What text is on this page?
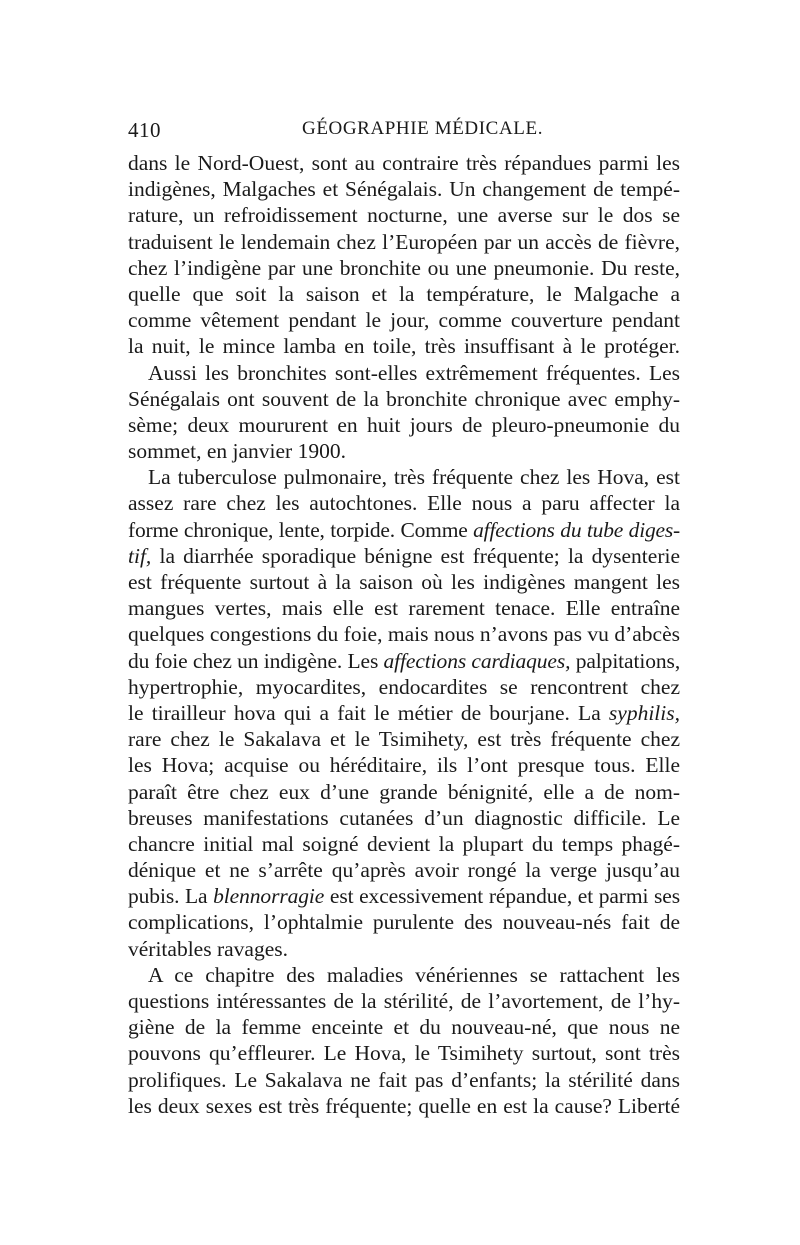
410	GÉOGRAPHIE MÉDICALE.
dans le Nord-Ouest, sont au contraire très répandues parmi les
indigènes, Malgaches et Sénégalais. Un changement de tempé-
rature, un refroidissement nocturne, une averse sur le dos se
traduisent le lendemain chez l’Européen par un accès de fièvre,
chez l’indigène par une bronchite ou une pneumonie. Du reste,
quelle que soit la saison et la température, le Malgache a
comme vêtement pendant le jour, comme couverture pendant
la nuit, le mince lamba en toile, très insuffisant à le protéger.
Aussi les bronchites sont-elles extrêmement fréquentes. Les
Sénégalais ont souvent de la bronchite chronique avec emphy-
sème; deux moururent en huit jours de pleuro-pneumonie du
sommet, en janvier 1900.
La tuberculose pulmonaire, très fréquente chez les Hova, est
assez rare chez les autochtones. Elle nous a paru affecter la
forme chronique, lente, torpide. Comme affections du tube diges-
tif, la diarrhée sporadique bénigne est fréquente; la dysenterie
est fréquente surtout à la saison où les indigènes mangent les
mangues vertes, mais elle est rarement tenace. Elle entraîne
quelques congestions du foie, mais nous n’avons pas vu d’abcès
du foie chez un indigène. Les affections cardiaques, palpitations,
hypertrophie, myocardites, endocardites se rencontrent chez
le tirailleur hova qui a fait le métier de bourjane. La syphilis,
rare chez le Sakalava et le Tsimihety, est très fréquente chez
les Hova; acquise ou héréditaire, ils l’ont presque tous. Elle
paraît être chez eux d’une grande bénignité, elle a de nom-
breuses manifestations cutanées d’un diagnostic difficile. Le
chancre initial mal soigné devient la plupart du temps phagé-
dénique et ne s’arrête qu’après avoir rongé la verge jusqu’au
pubis. La blennorragie est excessivement répandue, et parmi ses
complications, l’ophtalmie purulente des nouveau-nés fait de
véritables ravages.
A ce chapitre des maladies vénériennes se rattachent les
questions intéressantes de la stérilité, de l’avortement, de l’hy-
giène de la femme enceinte et du nouveau-né, que nous ne
pouvons qu’effleurer. Le Hova, le Tsimihety surtout, sont très
prolifiques. Le Sakalava ne fait pas d’enfants; la stérilité dans
les deux sexes est très fréquente; quelle en est la cause? Liberté
